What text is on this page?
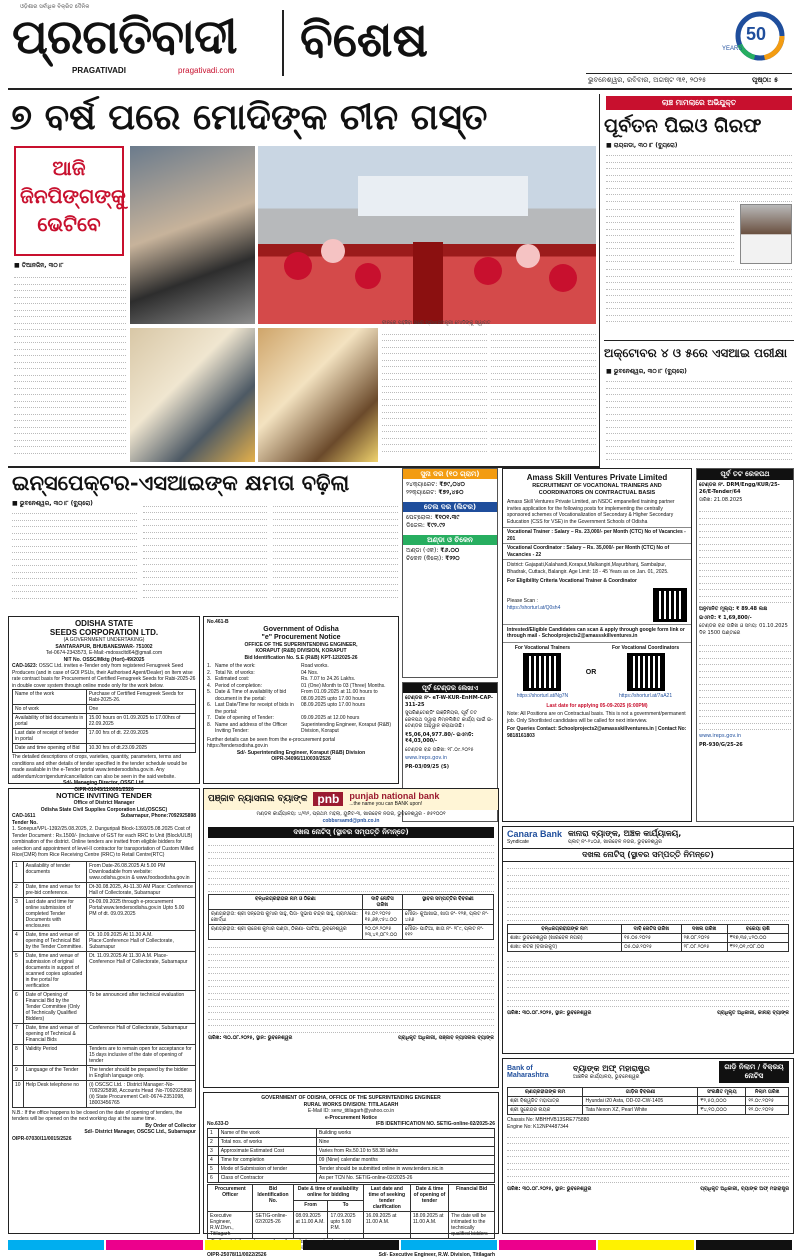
ଓଡ଼ିଶାର ସର୍ବାଧିକ ବିକ୍ରିତ ଦୈନିକ
ପ୍ରଗତିବାଦୀ
PRAGATIVADI	pragativadi.com
ବିଶେଷ	50
YEARS
ଭୁବନେଶ୍ୱର, ରବିବାର, ଅଗଷ୍ଟ ୩୧, ୨୦୨୫	ପୃଷ୍ଠା: ୫
୭ ବର୍ଷ ପରେ ମୋଦିଙ୍କ ଚୀନ ଗସ୍ତ
ଆଜି ଜିନପିଙ୍ଗଙ୍କୁ ଭେଟିବେ
■ ତିଆନଜିନ, ୩୦।୮
ଚୀନରେ ପହଞ୍ଚିବା ପରେ ପ୍ରଧାନମନ୍ତ୍ରୀ ମୋଦିଙ୍କୁ ସ୍ୱାଗତ
ଲାଞ୍ଚ ମାମଲାରେ ଅଭିଯୁକ୍ତ
ପୂର୍ବତନ ପିଇଓ ଗିରଫ
■ ରାୟଗଡା, ୩୦।୮ (ବ୍ୟୁରୋ)
ଅକ୍ଟୋବର ୪ ଓ ୫ରେ ଏସଆଇ ପରୀକ୍ଷା
■ ଭୁବନେଶ୍ୱର, ୩୦।୮ (ବ୍ୟୁରୋ)
ଇନ୍ସପେକ୍ଟର-ଏସଆଇଙ୍କ କ୍ଷମତା ବଢ଼ିଲା
■ ଭୁବନେଶ୍ୱର, ୩୦।୮ (ବ୍ୟୁରୋ)
ସୁନା ଦର (୧୦ ଗ୍ରାମ)
୨୪କ୍ୟାରେଟ: ₹୭୯,୦୪୦
୨୨କ୍ୟାରେଟ: ₹୭୨,୪୫୦
ତେଲ ଦର (ଲିଟର)
ପେଟ୍ରୋଲ: ₹୧୦୧.୩୯
ଡିଜେଲ: ₹୯୨.୯୨
ଅଣ୍ଡା ଓ ଚିକେନ
ଅଣ୍ଡା (ଏକ): ₹୬.୦୦
ଚିକେନ (କିଲୋ): ₹୨୨୦
ପୂର୍ବ ଟେଣ୍ଡର ଲେଖାଏ
ଟେଣ୍ଡର ନଂ- eT-W-KUR-EnHM-CAP-311-25
ସୁପରିଣ୍ଟେଣ୍ଡିଂ ଇଞ୍ଜିନିୟର, ପୂର୍ବ ତଟ ରେଳପଥ ଦ୍ୱାରା ନିମ୍ନଲିଖିତ କାର୍ଯ୍ୟ ପାଇଁ ଇ-ଟେଣ୍ଡର ଆହ୍ୱାନ କରାଯାଉଛି।
₹5,06,04,977.80/- ଇଏମଡି: ₹4,03,000/-
ଟେଣ୍ଡର ବନ୍ଦ ତାରିଖ: ୧୮.୦୯.୨୦୨୫
www.ireps.gov.in
PR-03/09/25 (S)
Amass Skill Ventures Private Limited
RECRUITMENT OF VOCATIONAL TRAINERS AND
COORDINATORS ON CONTRACTUAL BASIS
Amass Skill Ventures Private Limited, an NSDC empanelled training partner invites application for the following posts for implementing the centrally sponsored schemes of Vocationalization of Secondary & Higher Secondary Education (CSS for VSE) in the Government Schools of Odisha
Vocational Trainer : Salary – Rs. 23,000/- per Month (CTC) No of Vacancies - 201
Vocational Coordinator : Salary – Rs. 35,000/- per Month (CTC) No of Vacancies - 22
District: Gajapati,Kalahandi,Koraput,Malkangiri,Mayurbhanj, Sambalpur, Bhadrak, Cuttack, Balangir. Age Limit: 18 - 45 Years as on Jan. 01, 2025.
For Eligibility Criteria Vocational Trainer & Coordinator
Please Scan :
https://shorturl.at/Q0sh4
Intrested/Eligible Candidates can scan & apply through google form link or through mail - Schoolprojects2@amassskillventures.in
For Vocational Trainers
https://shorturl.at/Ng7N
OR
For Vocational Coordinators
https://shorturl.at/7aA21
Last date for applying 05-09-2025 (6:00PM)
Note: All Positions are on Contractual basis. This is not a government/permanent job. Only Shortlisted candidates will be called for next interview.
For Queries Contact: Schoolprojects2@amassskillventures.in | Contact No: 9818161803
ପୂର୍ବ ତଟ ରେଳପଥ
ଟେଣ୍ଡର ନଂ. DRM/Engg/KUR/25-26/E-Tender/64
ତାରିଖ: 21.08.2025
ଅନୁମାନିତ ମୂଲ୍ୟ: ₹ 89.48 ଲକ୍ଷ
ଇଏମଡି: ₹ 1,69,800/-
ଟେଣ୍ଡର ବନ୍ଦ ତାରିଖ ଓ ସମୟ: 01.10.2025 ଦିନ 1500 ଘଣ୍ଟାରେ
www.ireps.gov.in
PR-930/G/25-26
ODISHA STATE
SEEDS CORPORATION LTD.
(A GOVERNMENT UNDERTAKING)
SANTARAPUR, BHUBANESWAR- 751002
Tel-0674-2343573, E-Mail:-mdosscltd64@gmail.com
NIT No. OSSC/Mktg (Hort)-49/2025
CAD-1623: OSSC Ltd. invites e-Tender only from registered Fenugreek Seed Producers (and in case of GOI PSUs, their Authorised Agent/Dealer) on Item wise rate contract basis for Procurement of Certified Fenugreek Seeds for Rabi-2025-26 in double cover system through online mode only for the work below.
Name of the work	Purchase of Certified Fenugreek Seeds for Rabi-2025-26.
No of work	One
Availability of bid documents in portal	15.00 hours on 01.09.2025 to 17.00hrs of 22.09.2025
Last date of receipt of tender in portal	17.00 hrs of dt. 22.09.2025
Date and time opening of Bid	10.30 hrs of dt.23.09.2025
The detailed descriptions of crops, varieties, quantity, parameters, terms and conditions and other details of tender specified in the tender schedule would be made available in the e-Tender portal www.tendersodisha.gov.in. Any addendum/corrigendum/cancellation can also be seen in the said website.
Sd/- Managing Director, OSSC Ltd.
OIPR-01045/11/0091/2526
No.461-B
Government of Odisha
"e" Procurement Notice
OFFICE OF THE SUPERINTENDING ENGINEER,
KORAPUT (R&B) DIVISION, KORAPUT
Bid Identification No. S.E (R&B) KPT-12/2025-26
1. Name of the work:	Road works.
2. Total Nr. of works:	04 Nos.
3. Estimated cost:	Rs. 7.07 to 24.26 Lakhs.
4. Period of completion:	01 (One) Month to 03 (Three) Months.
5. Date & Time of availability of bid document in the portal:
From 01.09.2025 at 11.00 hours to 08.09.2025 upto 17.00 hours
6. Last Date/Time for receipt of bids in the portal:
08.09.2025 upto 17.00 hours
7. Date of opening of Tender:	09.09.2025 at 12.00 hours
8. Name and address of the Officer Inviting Tender:
Superintending Engineer, Koraput (R&B) Division, Koraput
Further details can be seen from the e-procurement portal https://tendersodisha.gov.in
Sd/- Superintending Engineer, Koraput (R&B) Division
OIPR-34096/11/0030/2526
NOTICE INVITING TENDER
Office of District Manager
Odisha State Civil Supplies Corporation Ltd.(OSCSC)
CAD-1611	Subarnapur, Phone:7092925898
Tender No.
1. Sonepur/VPL-1392/25.08.2025, 2. Dunguripali Block-1393/25.08.2025 Cost of Tender Document : Rs.1500/- (inclusive of GST for each RRC to Unit (Block/ULB) combination of the district. Online tenders are invited from eligible bidders for selection and appointment of level-II contractor for transportation of Custom Milled Rice(CMR) from Rice Receiving Centre (RRC) to Retail Centre(RTC)
1	Availability of tender documents	From Date-26.08.2025 At 5.00 PM Downloadable from website: www.odisha.gov.in & www.foodsodisha.gov.in
2	Date, time and venue for pre-bid conference.	Dt-30.08.2025, At-11.30 AM Place: Conference Hall of Collectorate, Subarnapur
3	Last date and time for online submission of completed Tender Documents with enclosures	Dt-09.09.2025 through e-procurement Portal:www.tendersodisha.gov.in Upto 5.00 PM of dt. 09.09.2025
4	Date, time and venue of opening of Technical Bid by the Tender Committee.	Dt. 10.09.2025 At 11.30 A.M. Place:Conference Hall of Collectorate, Subarnapur
5	Date, time and venue of submission of original documents in support of scanned copies uploaded in the portal for verification	Dt. 11.09.2025 At 11.30 A.M. Place-Conference Hall of Collectorate, Subarnapur
6	Date of Opening of Financial Bid by the Tender Committee (Only of Technically Qualified Bidders)	To be announced after technical evaluation
7	Date, time and venue of opening of Technical & Financial Bids	Conference Hall of Collectorate, Subarnapur
8	Validity Period	Tenders are to remain open for acceptance for 15 days inclusive of the date of opening of tender
9	Language of the Tender	The tender should be prepared by the bidder in English language only.
10	Help Desk telephone no	(i) OSCSC Ltd. : District Manager:-No-7092925898, Accounts Head :No-7092925898 (ii) State Procurement Cell:-0674-2351098, 18003456765
N.B.: If the office happens to be closed on the date of opening of tenders, the tenders will be opened on the next working day at the same time.
By Order of Collector
Sd/- District Manager, OSCSC Ltd., Subarnapur
OIPR-07030/11/0015/2526
ପଞ୍ଜାବ ନ୍ୟାସନାଲ ବ୍ୟାଙ୍କ pnb	punjab national bank
...the name you can BANK upon!
ମଣ୍ଡଳ କାର୍ଯ୍ୟାଳୟ: ୪/୩୨, ପ୍ରଥମ ମହଲା, ୟୁନିଟ-୩, ଖାରବେଳ ନଗର, ଭୁବନେଶ୍ୱର - ୭୫୧୦୦୧
cobbsrsamd@pnb.co.in
ଦଖଲ ନୋଟିସ୍ (ସ୍ଥାବର ସମ୍ପତ୍ତି ନିମନ୍ତେ)
ବନ୍ଧକଗ୍ରହୀତାର ନାମ ଓ ଠିକଣା	ଦାବି ନୋଟିସ ତାରିଖ	ସ୍ଥାବର ସମ୍ପତ୍ତିର ବିବରଣୀ
ଋଣଗ୍ରହୀତା: ଶ୍ରୀ ସନ୍ତୋଷ କୁମାର ସାହୁ, ପିତା- ସୁଭାଷ ଚନ୍ଦ୍ର ସାହୁ, ଗ୍ରାମ/ପୋ: ଖୋର୍ଦ୍ଧା	୧୫.୦୨.୨୦୨୫
୧୫,୬୭,୯୫୪.୦୦	ମୌଜା- କୁଆଖାଇ, ଖାତା ନଂ- ୧୨୭, ପ୍ଲଟ ନଂ- ୪୫୬
ଋଣଗ୍ରହୀତା: ଶ୍ରୀ ରାଜେଶ କୁମାର ପଣ୍ଡା, ଠିକଣା- ପାଟିଆ, ଭୁବନେଶ୍ୱର	୨୦.୦୨.୨୦୨୫
୨୩,୪୧,୦୮୨.୦୦	ମୌଜା- ପାଟିଆ, ଖାତା ନଂ- ୨୮୯, ପ୍ଲଟ ନଂ- ୧୧୨
ତାରିଖ: ୩୦.୦୮.୨୦୨୫, ସ୍ଥାନ: ଭୁବନେଶ୍ୱର	ପ୍ରାଧିକୃତ ଅଧିକାରୀ, ପଞ୍ଜାବ ନ୍ୟାସନାଲ ବ୍ୟାଙ୍କ
GOVERNMENT OF ODISHA, OFFICE OF THE SUPERINTENDING ENGINEER
RURAL WORKS DIVISION: TITILAGARH
E-Mail ID: serw_titilagarh@yahoo.co.in
e-Procurement Notice
No.633-D	IFB IDENTIFICATION NO. SETIG-online-02/2025-26
1	Name of the work	Building works
2	Total nos. of works	Nine
3	Approximate Estimated Cost	Varies from Rs.50.10 to 58.38 lakhs
4	Time for completion	09 (Nine) calendar months
5	Mode of Submission of tender	Tender should be submitted online in www.tenders.nic.in
6	Class of Contractor	As per TCN No. SETIG-online-02/2025-26
Procurement Officer	Bid Identification No.	Date & time of availability online for bidding		Last date and time of seeking tender clarification	Date & time of opening of tender	Financial Bid
		From	To			
Executive Engineer, R.W.Divn., Titilagarh	SETIG-online-02/2025-26	08.09.2025 at 11.00 A.M.	17.09.2025 upto 5.00 P.M.	16.09.2025 at 11.00 A.M.	18.09.2025 at 11.00 A.M.	The date will be intimated to the technically qualified bidders
website
OIPR-25078/11/0022/2526	Sd/- Executive Engineer, R.W. Division, Titilagarh
Canara Bank
Syndicate
କାନାରା ବ୍ୟାଙ୍କ, ଅଞ୍ଚଳ କାର୍ଯ୍ୟାଳୟ,
ପ୍ଲଟ୍ ନଂ-୨୪୦୬, ଖାରବେଳ ନଗର, ଭୁବନେଶ୍ୱର
ଦଖଲ ନୋଟିସ୍ (ସ୍ଥାବର ସମ୍ପତ୍ତି ନିମନ୍ତେ)
ବନ୍ଧକଗ୍ରହୀତାଙ୍କ ନାମ	ଦାବି ନୋଟିସ ତାରିଖ	ଦଖଲ ତାରିଖ	ବକେୟା ରାଶି
ଶାଖା: ଭୁବନେଶ୍ୱର (ଖାରବେଳ ନଗର)	୧୫.୦୫.୨୦୨୫	୨୭.୦୮.୨୦୨୫	₹୧୭,୩୫,୪୨୦.୦୦
ଶାଖା: କଟକ (ବଜାରକୁଦ)	୦୫.୦୬.୨୦୨୫	୨୮.୦୮.୨୦୨୫	₹୨୨,୦୧,୯୦୮.୦୦
ତାରିଖ: ୩୦.୦୮.୨୦୨୫, ସ୍ଥାନ: ଭୁବନେଶ୍ୱର	ପ୍ରାଧିକୃତ ଅଧିକାରୀ, କାନାରା ବ୍ୟାଙ୍କ
Bank of Maharashtra
ବ୍ୟାଙ୍କ ଅଫ୍ ମହାରାଷ୍ଟ୍ର
ଆଞ୍ଚଳିକ କାର୍ଯ୍ୟାଳୟ, ଭୁବନେଶ୍ୱର
ଗାଡ଼ି ନିଲାମ / ବିକ୍ରୟ ନୋଟିସ
ଋଣଗ୍ରହୀତାଙ୍କ ନାମ	ଗାଡ଼ିର ବିବରଣୀ	ସଂରକ୍ଷିତ ମୂଲ୍ୟ	ନିଲାମ ତାରିଖ
ଶ୍ରୀ ବିଶ୍ୱଜିତ ମହାପାତ୍ର	Hyundai i20 Asta, OD-02-CW-1405	₹୨,୫୦,୦୦୦	୧୨.୦୯.୨୦୨୫
ଶ୍ରୀ ସୁରେନ୍ଦ୍ର ନାୟକ	Tata Nexon XZ, Pearl White	₹୪,୧୦,୦୦୦	୧୨.୦୯.୨୦୨୫
Chassis No: MBHHVB13SRE775880
Engine No: K12NP4487344
ତାରିଖ: ୩୦.୦୮.୨୦୨୫, ସ୍ଥାନ: ଭୁବନେଶ୍ୱର	ପ୍ରାଧିକୃତ ଅଧିକାରୀ, ବ୍ୟାଙ୍କ ଅଫ୍ ମହାରାଷ୍ଟ୍ର
